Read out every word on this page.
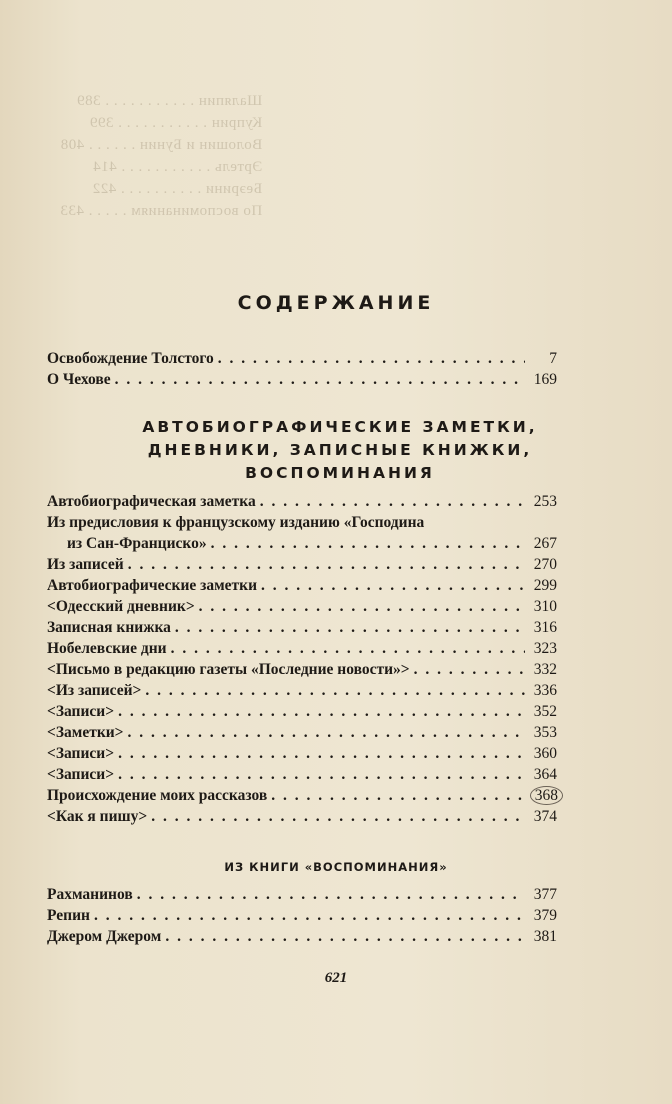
Шаляпин . . . . . . . . . . . 389
Куприн . . . . . . . . . . . 399
Волошин и Бунин . . . . . . 408
Эртель . . . . . . . . . . . 414
Беэрини . . . . . . . . . . 422
По воспоминаниям . . . . . 433
СОДЕРЖАНИЕ
Освобождение Толстого . . .	7
О Чехове . . .	169
АВТОБИОГРАФИЧЕСКИЕ ЗАМЕТКИ,
ДНЕВНИКИ, ЗАПИСНЫЕ КНИЖКИ,
ВОСПОМИНАНИЯ
Автобиографическая заметка . . .	253
Из предисловия к французскому изданию «Господина
из Сан-Франциско» . . .	267
Из записей . . .	270
Автобиографические заметки . . .	299
<Одесский дневник> . . .	310
Записная книжка . . .	316
Нобелевские дни . . .	323
<Письмо в редакцию газеты «Последние новости»> . . .	332
<Из записей> . . .	336
<Записи> . . .	352
<Заметки> . . .	353
<Записи> . . .	360
<Записи> . . .	364
Происхождение моих рассказов . . .	368
<Как я пишу> . . .	374
ИЗ КНИГИ «ВОСПОМИНАНИЯ»
Рахманинов . . .	377
Репин . . .	379
Джером Джером . . .	381
621
